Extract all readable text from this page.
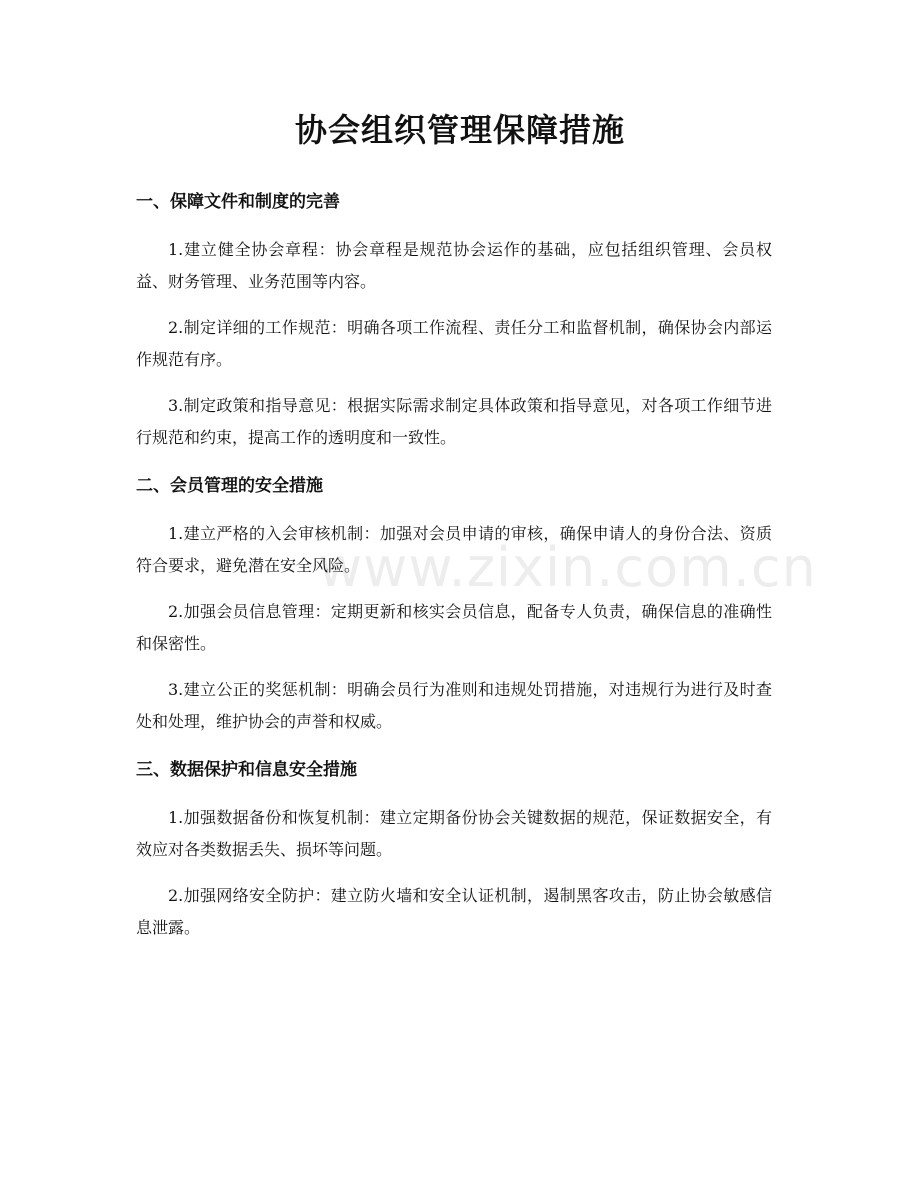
协会组织管理保障措施
一、保障文件和制度的完善

1.建立健全协会章程：协会章程是规范协会运作的基础，应包括组织管理、会员权益、财务管理、业务范围等内容。

2.制定详细的工作规范：明确各项工作流程、责任分工和监督机制，确保协会内部运作规范有序。

3.制定政策和指导意见：根据实际需求制定具体政策和指导意见，对各项工作细节进行规范和约束，提高工作的透明度和一致性。

二、会员管理的安全措施

1.建立严格的入会审核机制：加强对会员申请的审核，确保申请人的身份合法、资质符合要求，避免潜在安全风险。

2.加强会员信息管理：定期更新和核实会员信息，配备专人负责，确保信息的准确性和保密性。

3.建立公正的奖惩机制：明确会员行为准则和违规处罚措施，对违规行为进行及时查处和处理，维护协会的声誉和权威。

三、数据保护和信息安全措施

1.加强数据备份和恢复机制：建立定期备份协会关键数据的规范，保证数据安全，有效应对各类数据丢失、损坏等问题。

2.加强网络安全防护：建立防火墙和安全认证机制，遏制黑客攻击，防止协会敏感信息泄露。

www.zixin.com.cn
